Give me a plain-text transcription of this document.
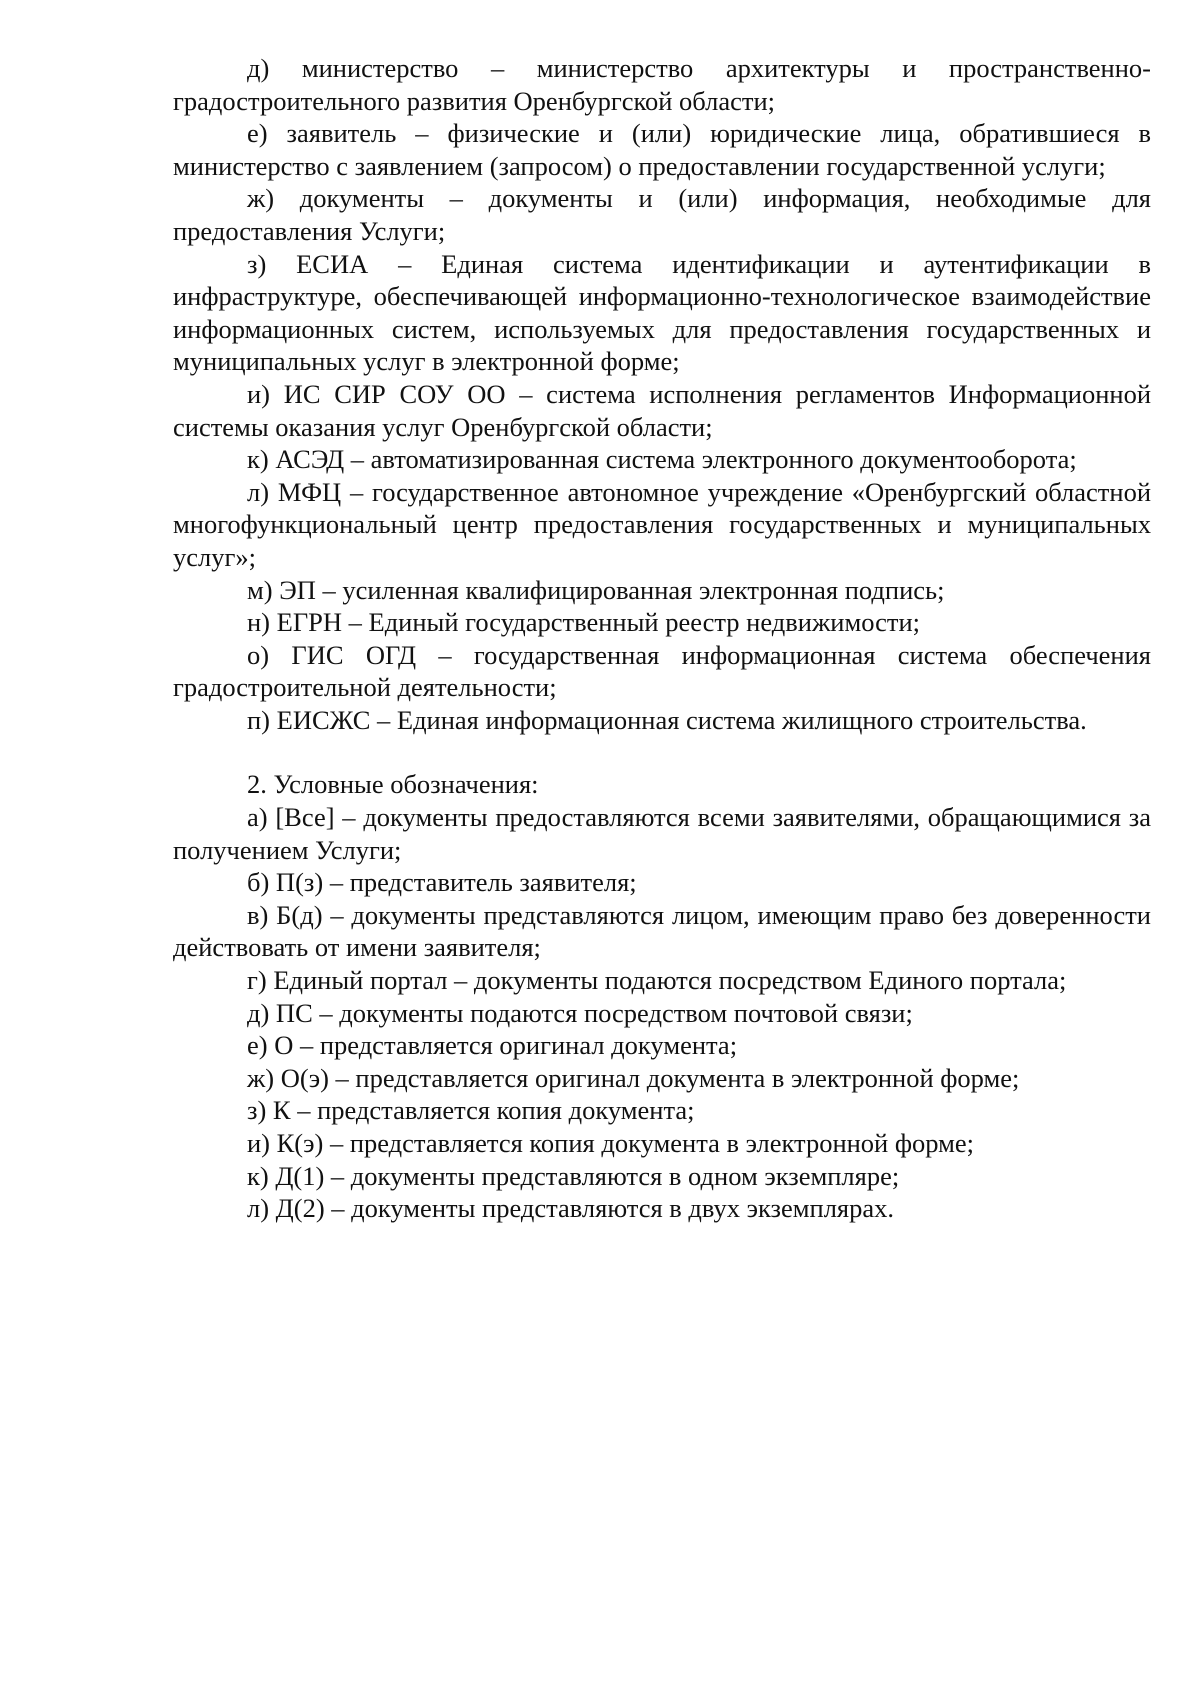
д) министерство – министерство архитектуры и пространственно-градостроительного развития Оренбургской области;

е) заявитель – физические и (или) юридические лица, обратившиеся в министерство с заявлением (запросом) о предоставлении государственной услуги;

ж) документы – документы и (или) информация, необходимые для предоставления Услуги;

з) ЕСИА – Единая система идентификации и аутентификации в инфраструктуре, обеспечивающей информационно-технологическое взаимодействие информационных систем, используемых для предоставления государственных и муниципальных услуг в электронной форме;

и) ИС СИР СОУ ОО – система исполнения регламентов Информационной системы оказания услуг Оренбургской области;

к) АСЭД – автоматизированная система электронного документооборота;

л) МФЦ – государственное автономное учреждение «Оренбургский областной многофункциональный центр предоставления государственных и муниципальных услуг»;

м) ЭП – усиленная квалифицированная электронная подпись;

н) ЕГРН – Единый государственный реестр недвижимости;

о) ГИС ОГД – государственная информационная система обеспечения градостроительной деятельности;

п) ЕИСЖС – Единая информационная система жилищного строительства.

2. Условные обозначения:

а) [Все] – документы предоставляются всеми заявителями, обращающимися за получением Услуги;

б) П(з) – представитель заявителя;

в) Б(д) – документы представляются лицом, имеющим право без доверенности действовать от имени заявителя;

г) Единый портал – документы подаются посредством Единого портала;

д) ПС – документы подаются посредством почтовой связи;

е) О – представляется оригинал документа;

ж) О(э) – представляется оригинал документа в электронной форме;

з) К – представляется копия документа;

и) К(э) – представляется копия документа в электронной форме;

к) Д(1) – документы представляются в одном экземпляре;

л) Д(2) – документы представляются в двух экземплярах.
